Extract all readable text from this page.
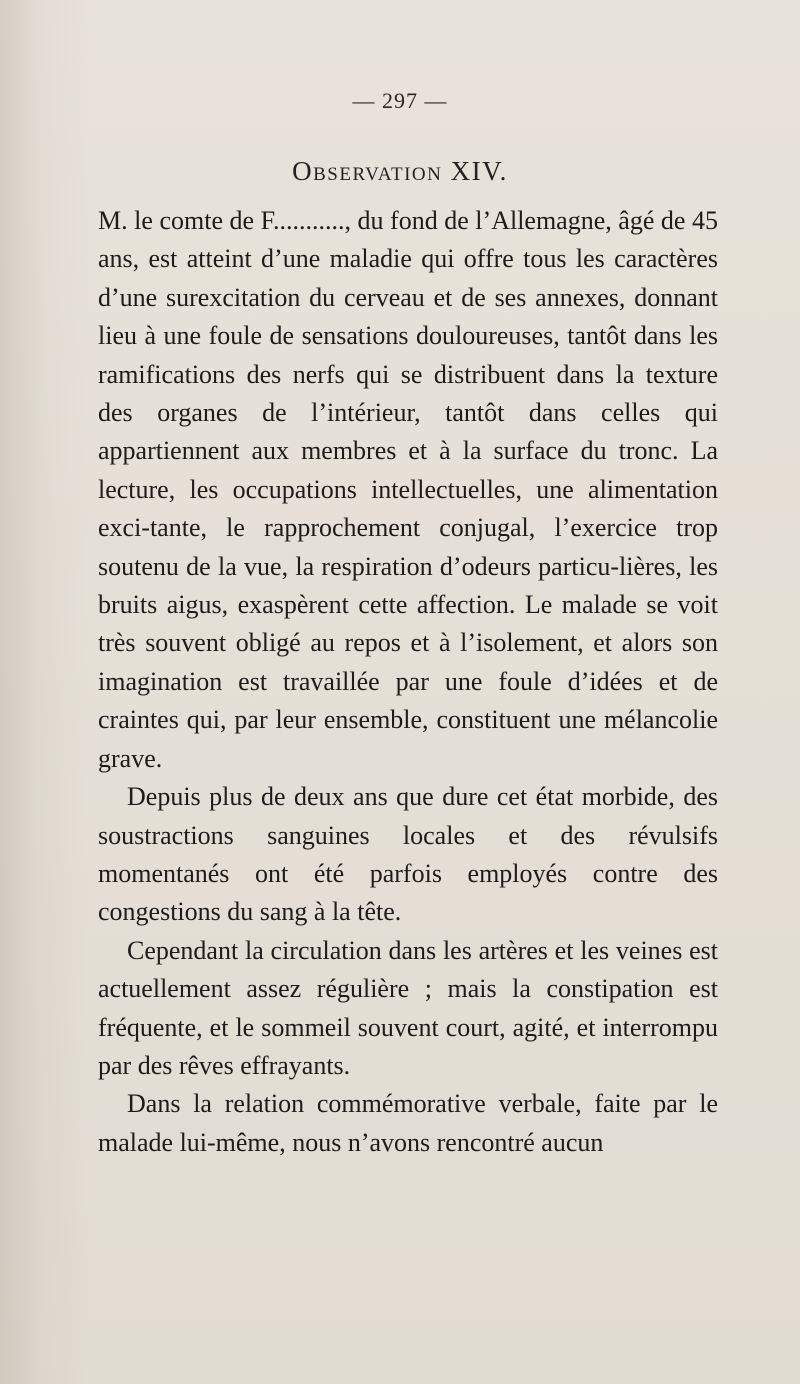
— 297 —
Observation XIV.

M. le comte de F..........., du fond de l’Allemagne, âgé de 45 ans, est atteint d’une maladie qui offre tous les caractères d’une surexcitation du cerveau et de ses annexes, donnant lieu à une foule de sensations douloureuses, tantôt dans les ramifications des nerfs qui se distribuent dans la texture des organes de l’intérieur, tantôt dans celles qui appartiennent aux membres et à la surface du tronc. La lecture, les occupations intellectuelles, une alimentation exci-tante, le rapprochement conjugal, l’exercice trop soutenu de la vue, la respiration d’odeurs particu-lières, les bruits aigus, exaspèrent cette affection. Le malade se voit très souvent obligé au repos et à l’isolement, et alors son imagination est travaillée par une foule d’idées et de craintes qui, par leur ensemble, constituent une mélancolie grave.

Depuis plus de deux ans que dure cet état morbide, des soustractions sanguines locales et des révulsifs momentanés ont été parfois employés contre des congestions du sang à la tête.

Cependant la circulation dans les artères et les veines est actuellement assez régulière ; mais la constipation est fréquente, et le sommeil souvent court, agité, et interrompu par des rêves effrayants.

Dans la relation commémorative verbale, faite par le malade lui-même, nous n’avons rencontré aucun
